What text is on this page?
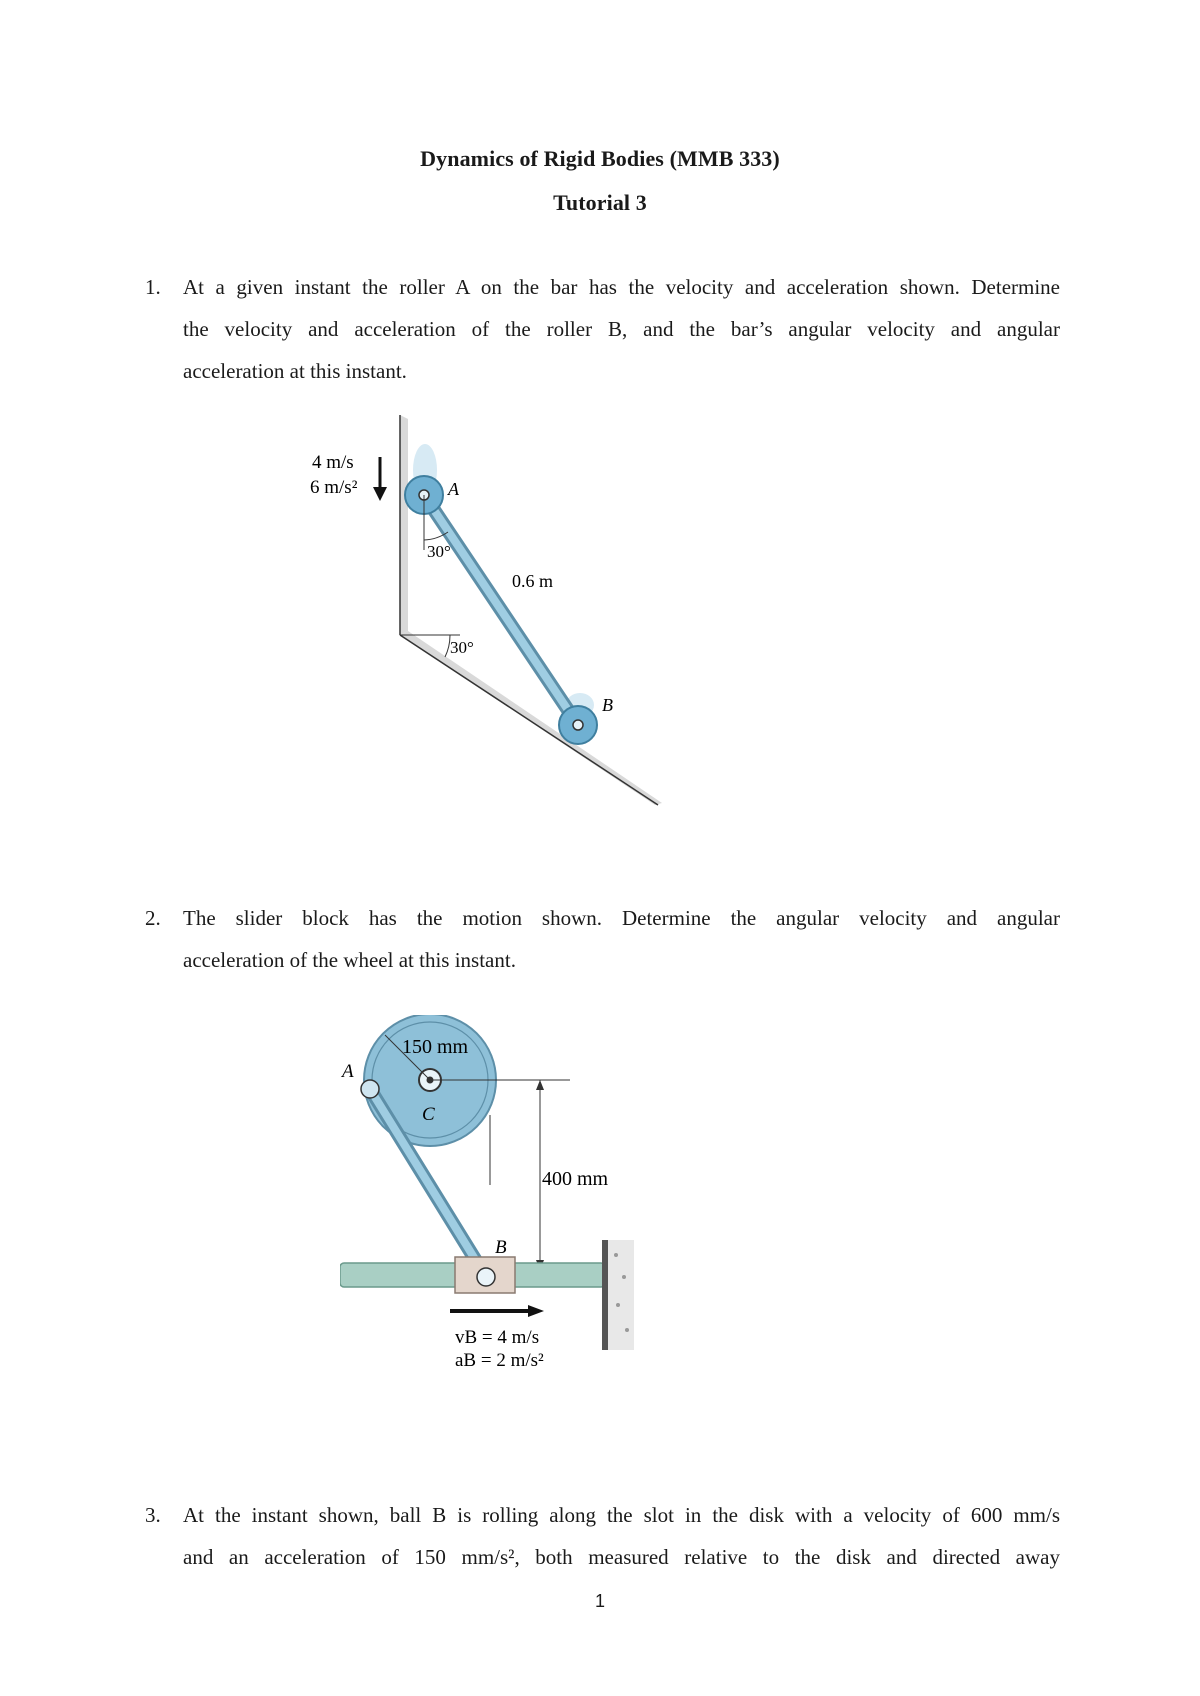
Dynamics of Rigid Bodies (MMB 333)
Tutorial 3
1. At a given instant the roller A on the bar has the velocity and acceleration shown. Determine
the velocity and acceleration of the roller B, and the bar’s angular velocity and angular
acceleration at this instant.
4 m/s
6 m/s²	A
B
30°
30°
0.6 m
2. The slider block has the motion shown. Determine the angular velocity and angular
acceleration of the wheel at this instant.
150 mm
A
C
400 mm
B
vB = 4 m/s
aB = 2 m/s²
3. At the instant shown, ball B is rolling along the slot in the disk with a velocity of 600 mm/s
and an acceleration of 150 mm/s², both measured relative to the disk and directed away
1
